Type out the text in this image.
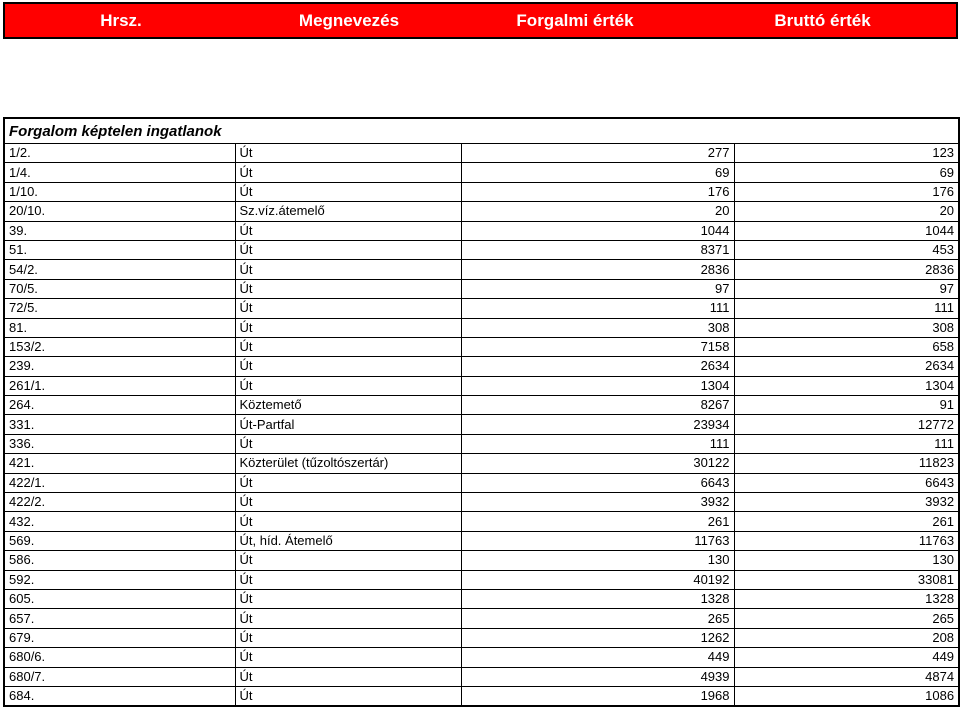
Hrsz.	Megnevezés	Forgalmi érték	Bruttó érték
Forgalom képtelen ingatlanok			
1/2.	Út	277	123
1/4.	Út	69	69
1/10.	Út	176	176
20/10.	Sz.víz.átemelő	20	20
39.	Út	1044	1044
51.	Út	8371	453
54/2.	Út	2836	2836
70/5.	Út	97	97
72/5.	Út	111	111
81.	Út	308	308
153/2.	Út	7158	658
239.	Út	2634	2634
261/1.	Út	1304	1304
264.	Köztemető	8267	91
331.	Út-Partfal	23934	12772
336.	Út	111	111
421.	Közterület (tűzoltószertár)	30122	11823
422/1.	Út	6643	6643
422/2.	Út	3932	3932
432.	Út	261	261
569.	Út, híd. Átemelő	11763	11763
586.	Út	130	130
592.	Út	40192	33081
605.	Út	1328	1328
657.	Út	265	265
679.	Út	1262	208
680/6.	Út	449	449
680/7.	Út	4939	4874
684.	Út	1968	1086
